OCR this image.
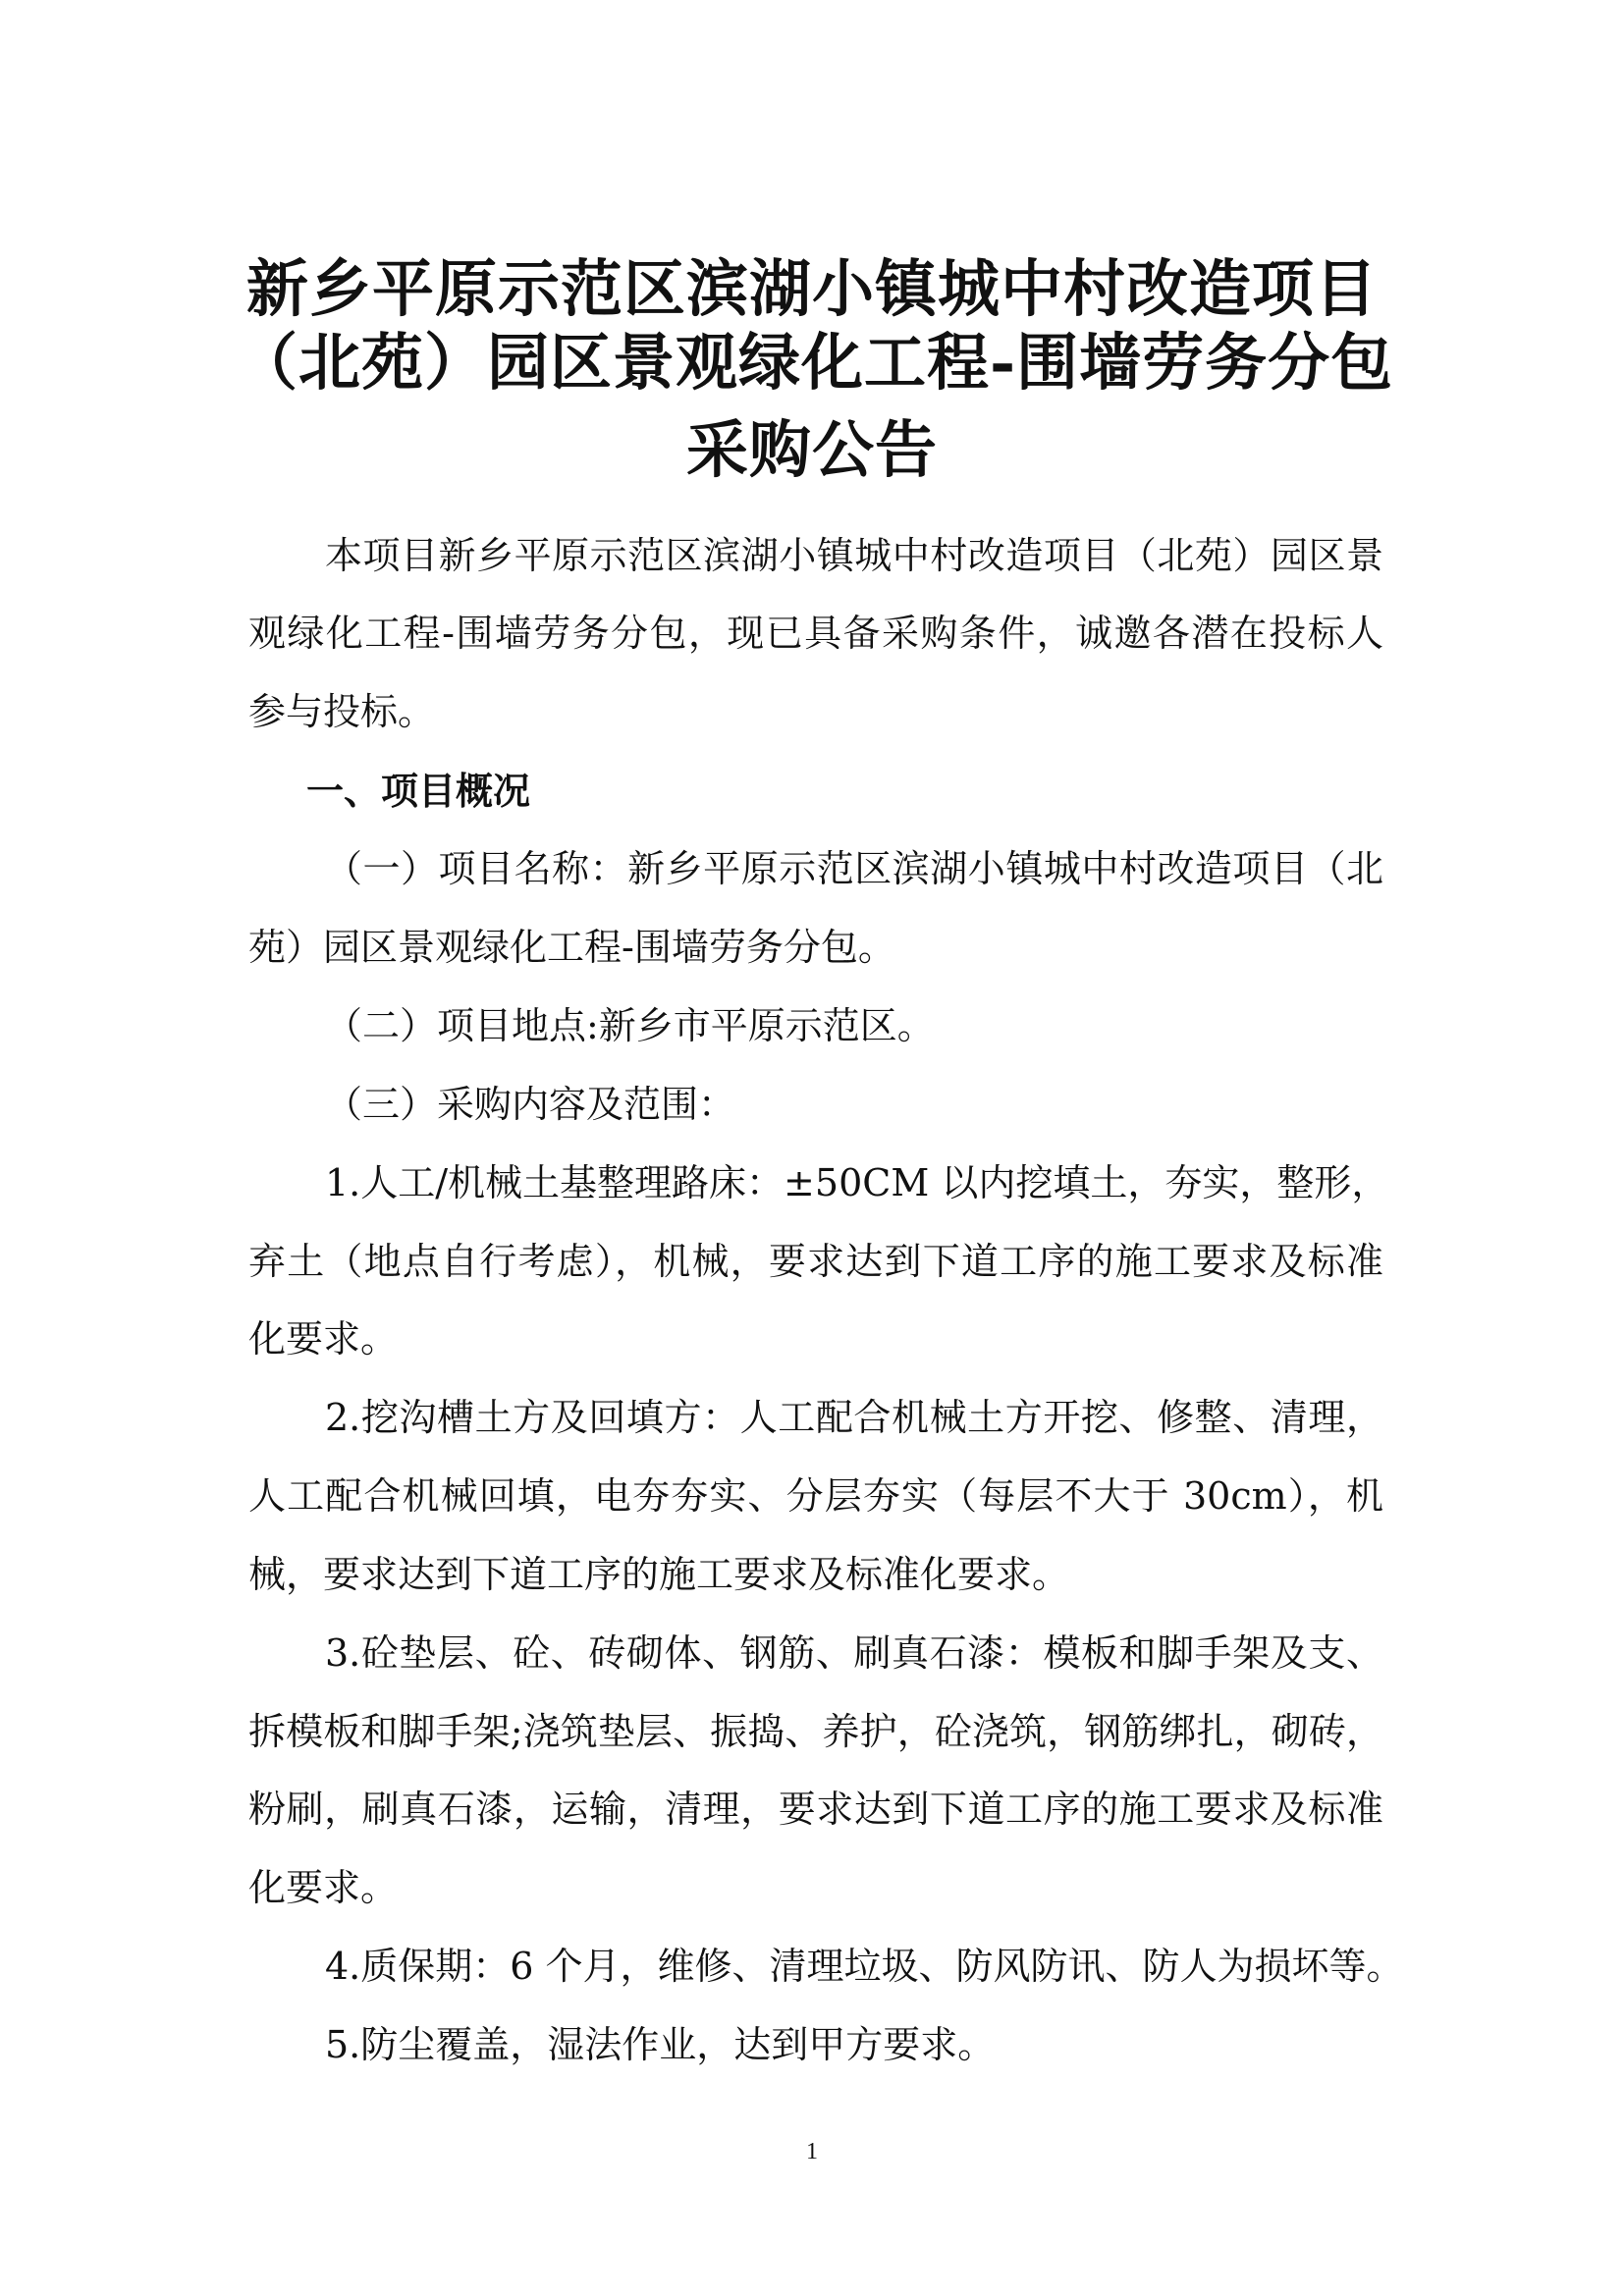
新乡平原示范区滨湖小镇城中村改造项目
（北苑）园区景观绿化工程-围墙劳务分包
采购公告
本项目新乡平原示范区滨湖小镇城中村改造项目（北苑）园区景
观绿化工程-围墙劳务分包，现已具备采购条件，诚邀各潜在投标人
参与投标。
一、项目概况
（一）项目名称：新乡平原示范区滨湖小镇城中村改造项目（北
苑）园区景观绿化工程-围墙劳务分包。
（二）项目地点:新乡市平原示范区。
（三）采购内容及范围：
1.人工/机械土基整理路床：±50CM 以内挖填土，夯实，整形，
弃土（地点自行考虑），机械，要求达到下道工序的施工要求及标准
化要求。
2.挖沟槽土方及回填方：人工配合机械土方开挖、修整、清理，
人工配合机械回填，电夯夯实、分层夯实（每层不大于 30cm），机
械，要求达到下道工序的施工要求及标准化要求。
3.砼垫层、砼、砖砌体、钢筋、刷真石漆：模板和脚手架及支、
拆模板和脚手架;浇筑垫层、振捣、养护，砼浇筑，钢筋绑扎，砌砖，
粉刷，刷真石漆，运输，清理，要求达到下道工序的施工要求及标准
化要求。
4.质保期：6 个月，维修、清理垃圾、防风防讯、防人为损坏等。
5.防尘覆盖，湿法作业，达到甲方要求。
1
